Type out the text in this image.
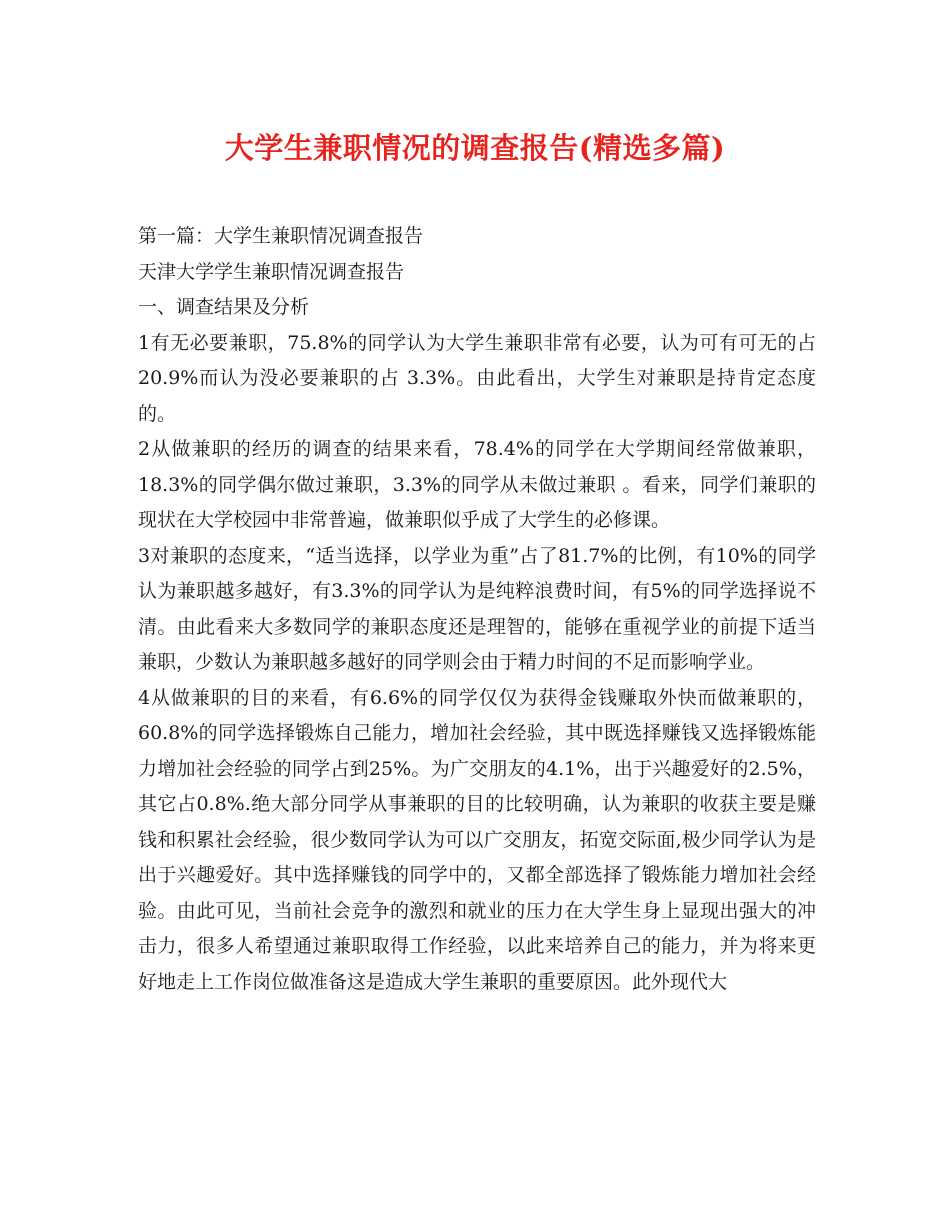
大学生兼职情况的调查报告(精选多篇)

第一篇：大学生兼职情况调查报告

天津大学学生兼职情况调查报告

一、调查结果及分析

1有无必要兼职，75.8%的同学认为大学生兼职非常有必要，认为可有可无的占20.9%而认为没必要兼职的占 3.3%。由此看出，大学生对兼职是持肯定态度的。

2从做兼职的经历的调查的结果来看，78.4%的同学在大学期间经常做兼职，18.3%的同学偶尔做过兼职，3.3%的同学从未做过兼职 。看来，同学们兼职的现状在大学校园中非常普遍，做兼职似乎成了大学生的必修课。

3对兼职的态度来，“适当选择，以学业为重”占了81.7%的比例，有10%的同学认为兼职越多越好，有3.3%的同学认为是纯粹浪费时间，有5%的同学选择说不清。由此看来大多数同学的兼职态度还是理智的，能够在重视学业的前提下适当兼职，少数认为兼职越多越好的同学则会由于精力时间的不足而影响学业。

4从做兼职的目的来看，有6.6%的同学仅仅为获得金钱赚取外快而做兼职的，60.8%的同学选择锻炼自己能力，增加社会经验，其中既选择赚钱又选择锻炼能力增加社会经验的同学占到25%。为广交朋友的4.1%，出于兴趣爱好的2.5%，其它占0.8%.绝大部分同学从事兼职的目的比较明确，认为兼职的收获主要是赚钱和积累社会经验，很少数同学认为可以广交朋友，拓宽交际面,极少同学认为是出于兴趣爱好。其中选择赚钱的同学中的，又都全部选择了锻炼能力增加社会经验。由此可见，当前社会竞争的激烈和就业的压力在大学生身上显现出强大的冲击力，很多人希望通过兼职取得工作经验，以此来培养自己的能力，并为将来更好地走上工作岗位做准备这是造成大学生兼职的重要原因。此外现代大
